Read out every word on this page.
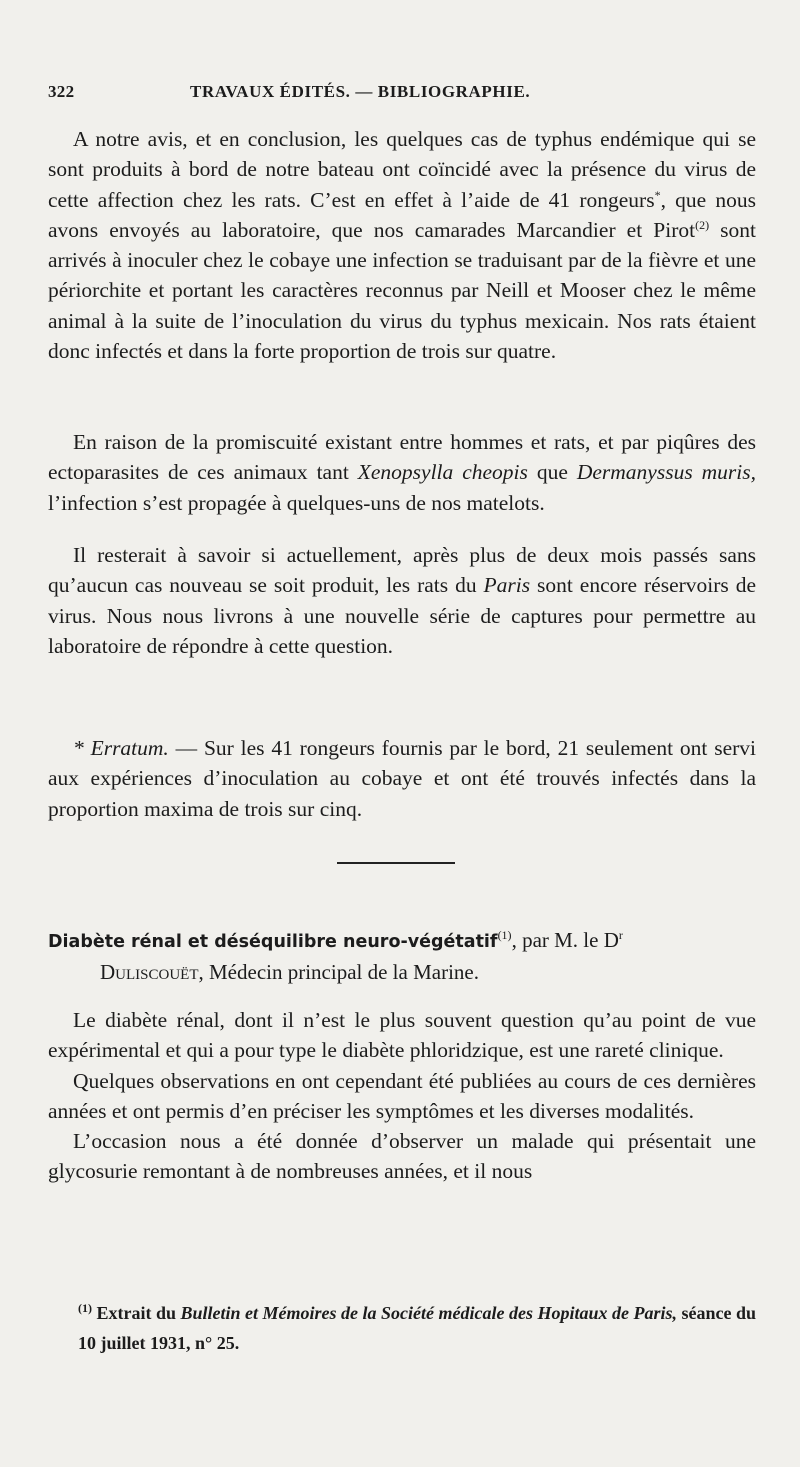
322	TRAVAUX ÉDITÉS. — BIBLIOGRAPHIE.

A notre avis, et en conclusion, les quelques cas de typhus endémique qui se sont produits à bord de notre bateau ont coïncidé avec la présence du virus de cette affection chez les rats. C’est en effet à l’aide de 41 rongeurs*, que nous avons envoyés au laboratoire, que nos camarades Marcandier et Pirot$^{(2)}$ sont arrivés à inoculer chez le cobaye une infection se traduisant par de la fièvre et une périorchite et portant les caractères reconnus par Neill et Mooser chez le même animal à la suite de l’inoculation du virus du typhus mexicain. Nos rats étaient donc infectés et dans la forte proportion de trois sur quatre.

En raison de la promiscuité existant entre hommes et rats, et par piqûres des ectoparasites de ces animaux tant Xenopsylla cheopis que Dermanyssus muris, l’infection s’est propagée à quelques-uns de nos matelots.

Il resterait à savoir si actuellement, après plus de deux mois passés sans qu’aucun cas nouveau se soit produit, les rats du Paris sont encore réservoirs de virus. Nous nous livrons à une nouvelle série de captures pour permettre au laboratoire de répondre à cette question.

* Erratum. — Sur les 41 rongeurs fournis par le bord, 21 seulement ont servi aux expériences d’inoculation au cobaye et ont été trouvés infectés dans la proportion maxima de trois sur cinq.
Diabète rénal et déséquilibre neuro-végétatif$^{(1)}$, par M. le $D^r$
Duliscouët, Médecin principal de la Marine.

Le diabète rénal, dont il n’est le plus souvent question qu’au point de vue expérimental et qui a pour type le diabète phloridzique, est une rareté clinique.

Quelques observations en ont cependant été publiées au cours de ces dernières années et ont permis d’en préciser les symptômes et les diverses modalités.

L’occasion nous a été donnée d’observer un malade qui présentait une glycosurie remontant à de nombreuses années, et il nous

$^{(1)}$ Extrait du Bulletin et Mémoires de la Société médicale des Hopitaux de Paris, séance du 10 juillet 1931, n° 25.
